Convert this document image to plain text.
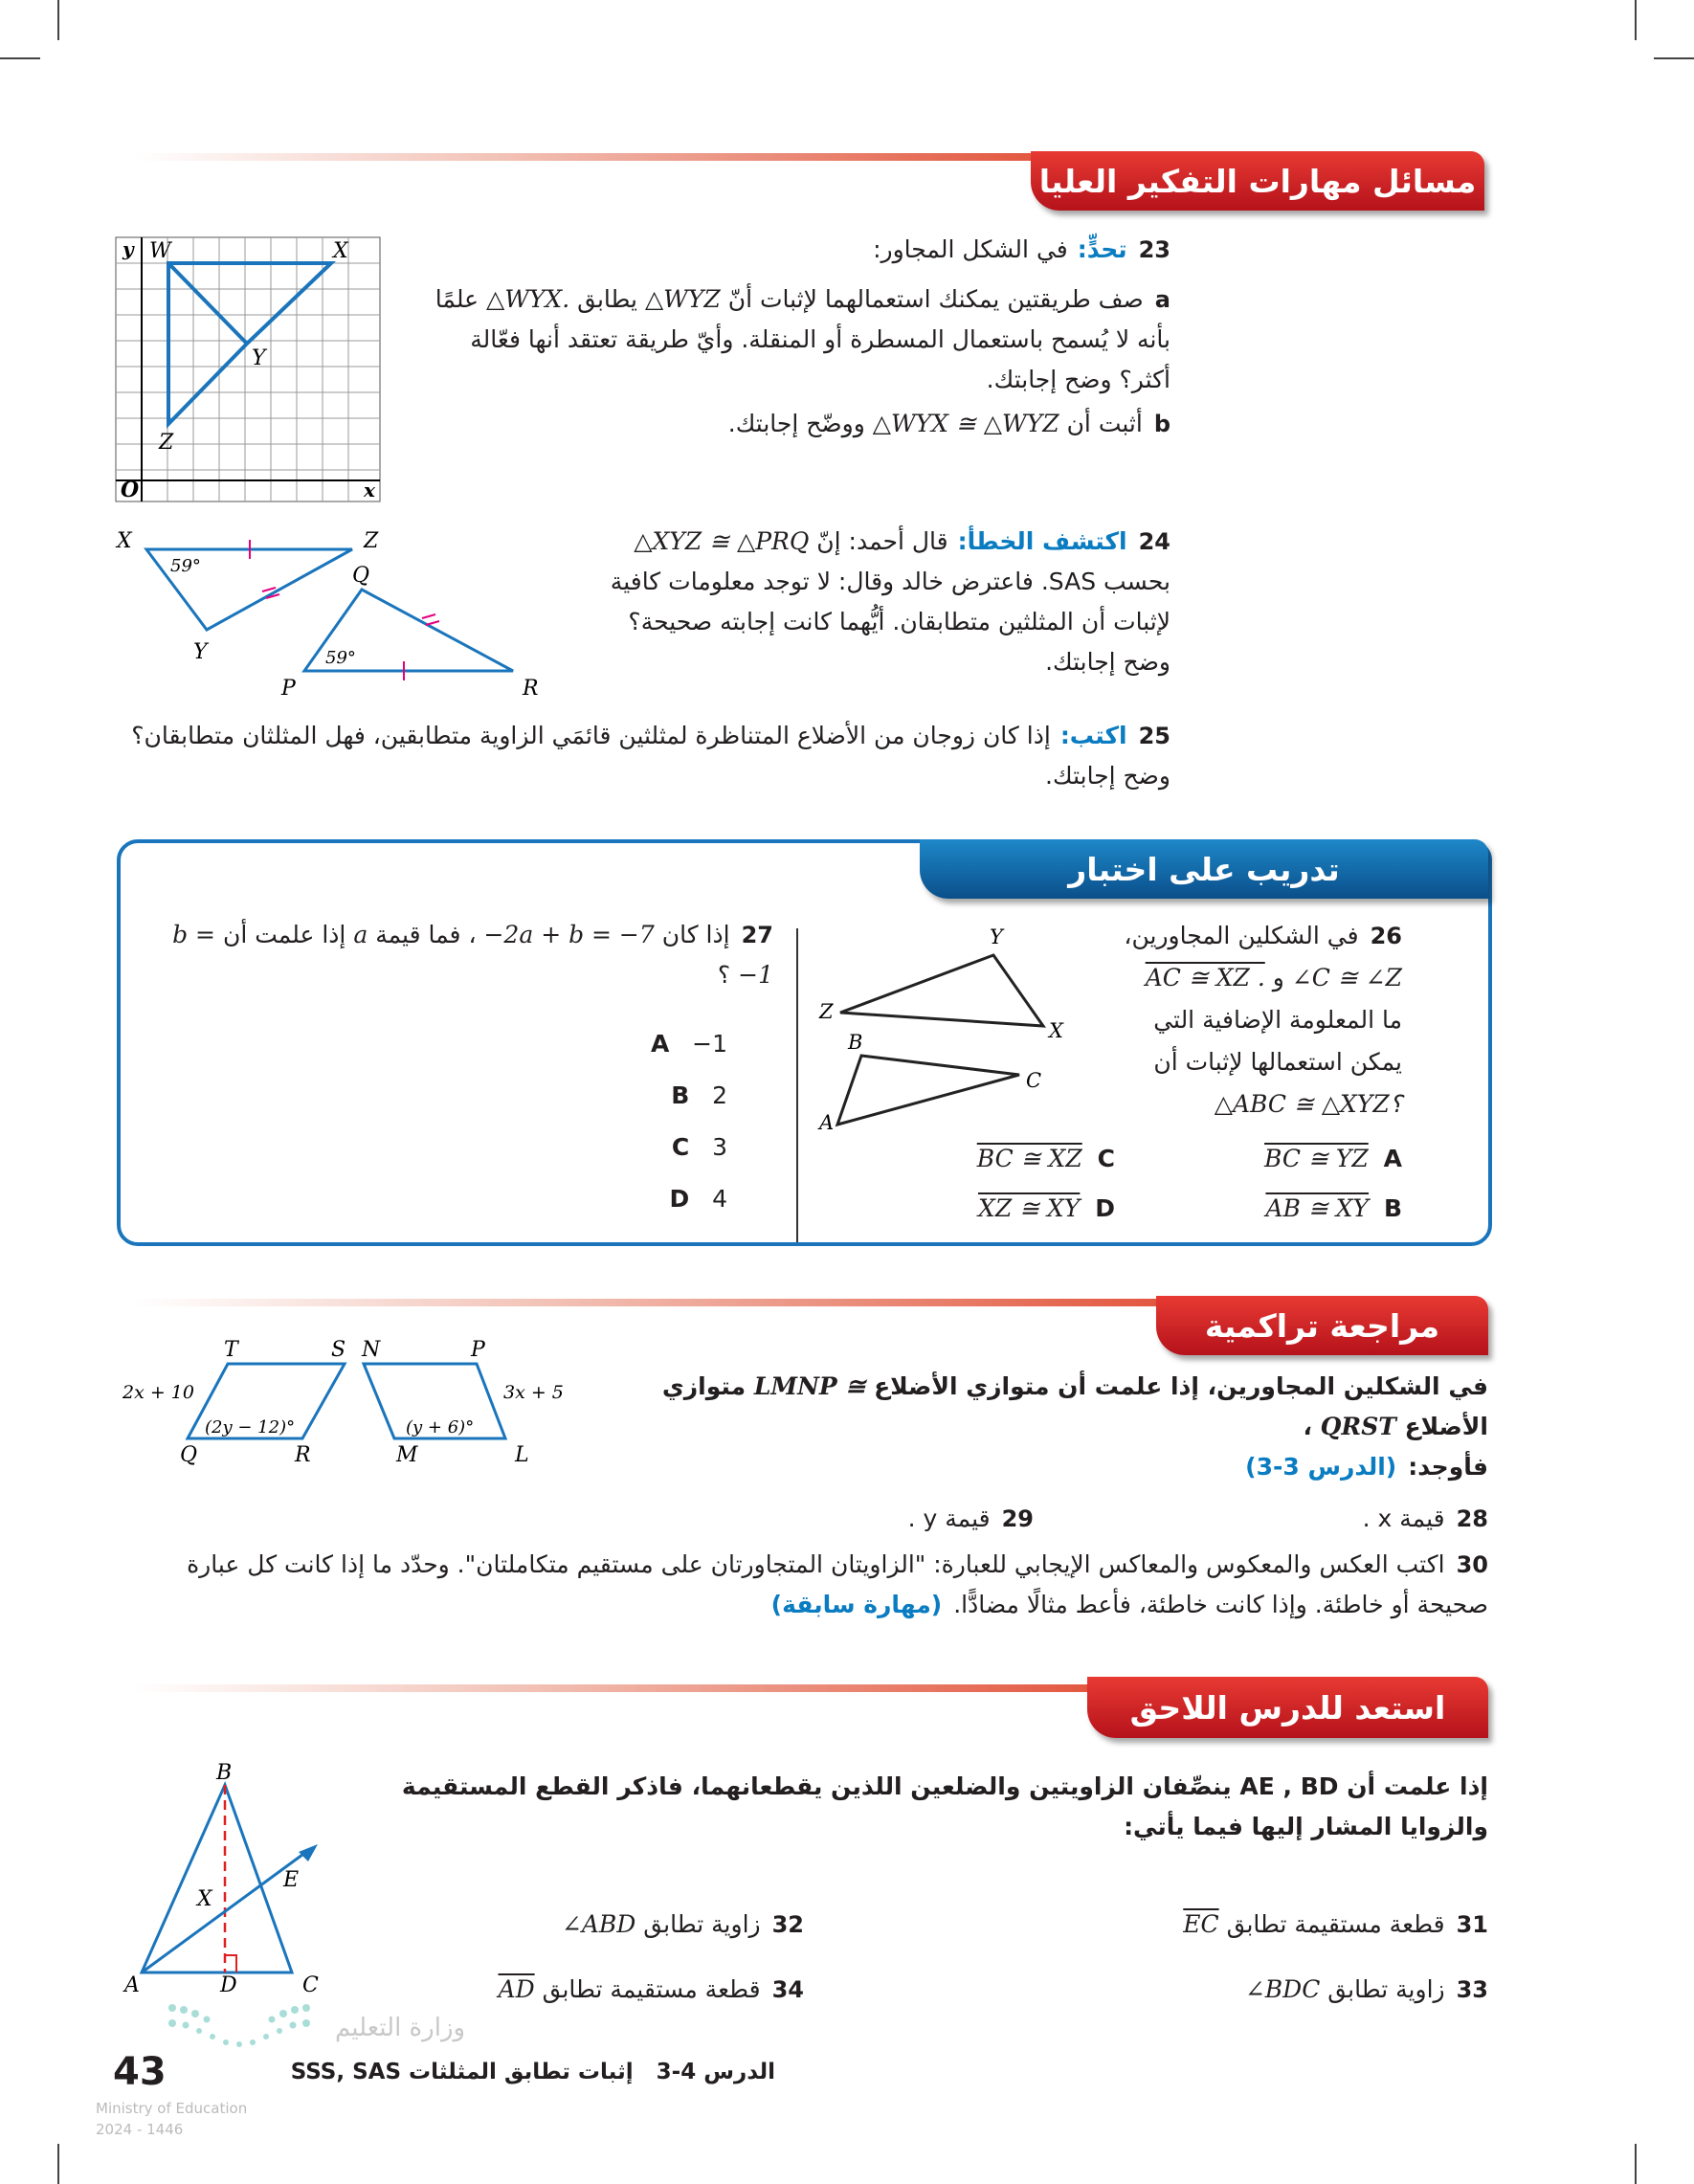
مسائل مهارات التفكير العليا
23تحدٍّ:في الشكل المجاور:
aصف طريقتين يمكنك استعمالهما لإثبات أنّ △WYZ يطابق △WYX. علمًا بأنه لا يُسمح باستعمال المسطرة أو المنقلة. وأيّ طريقة تعتقد أنها فعّالة أكثر؟ وضح إجابتك.
bأثبت أن △WYX ≅ △WYZ ووضّح إجابتك.
W	X
Y
Z
O	x
y
24اكتشف الخطأ:قال أحمد: إنّ △XYZ ≅ △PRQ بحسب SAS. فاعترض خالد وقال: لا توجد معلومات كافية لإثبات أن المثلثين متطابقان. أيُّهما كانت إجابته صحيحة؟ وضح إجابتك.
X	Z
Y
Q
P	R
59°
59°
25اكتب:إذا كان زوجان من الأضلاع المتناظرة لمثلثين قائمَي الزاوية متطابقين، فهل المثلثان متطابقان؟ وضح إجابتك.
تدريب على اختبار
26في الشكلين المجاورين،
∠C ≅ ∠Z و AC ≅ XZ .
ما المعلومة الإضافية التي
يمكن استعمالها لإثبات أن
△ABC ≅ △XYZ؟
A  BC ≅ YZ
B  AB ≅ XY
C  BC ≅ XZ
D  XZ ≅ XY
Y
Z
X
B
C
A
27إذا كان −2a + b = −7 ، فما قيمة a إذا علمت أن b = −1 ؟
A −1
B 2
C 3
D 4
مراجعة تراكمية
في الشكلين المجاورين، إذا علمت أن متوازي الأضلاع LMNP ≅ متوازي الأضلاع QRST ،
فأوجد:(الدرس 3-3)
28قيمة x .
29قيمة y .
30اكتب العكس والمعكوس والمعاكس الإيجابي للعبارة: "الزاويتان المتجاورتان على مستقيم متكاملتان". وحدّد ما إذا كانت كل عبارة صحيحة أو خاطئة. وإذا كانت خاطئة، فأعط مثالًا مضادًّا.(مهارة سابقة)
T	S N	P
Q	R	M	L
2x + 10
(2y − 12)°
3x + 5
(y + 6)°
استعد للدرس اللاحق
إذا علمت أن AE , BD ينصِّفان الزاويتين والضلعين اللذين يقطعانهما، فاذكر القطع المستقيمة والزوايا المشار إليها فيما يأتي:
31قطعة مستقيمة تطابق $\overline{EC}$
32زاوية تطابق ∠ABD
33زاوية تطابق ∠BDC
34قطعة مستقيمة تطابق $\overline{AD}$
B
A	D	C
E
X
وزارة التعليم
43
Ministry of Education
2024 - 1446
الدرس 4-3   إثبات تطابق المثلثات SSS, SAS
